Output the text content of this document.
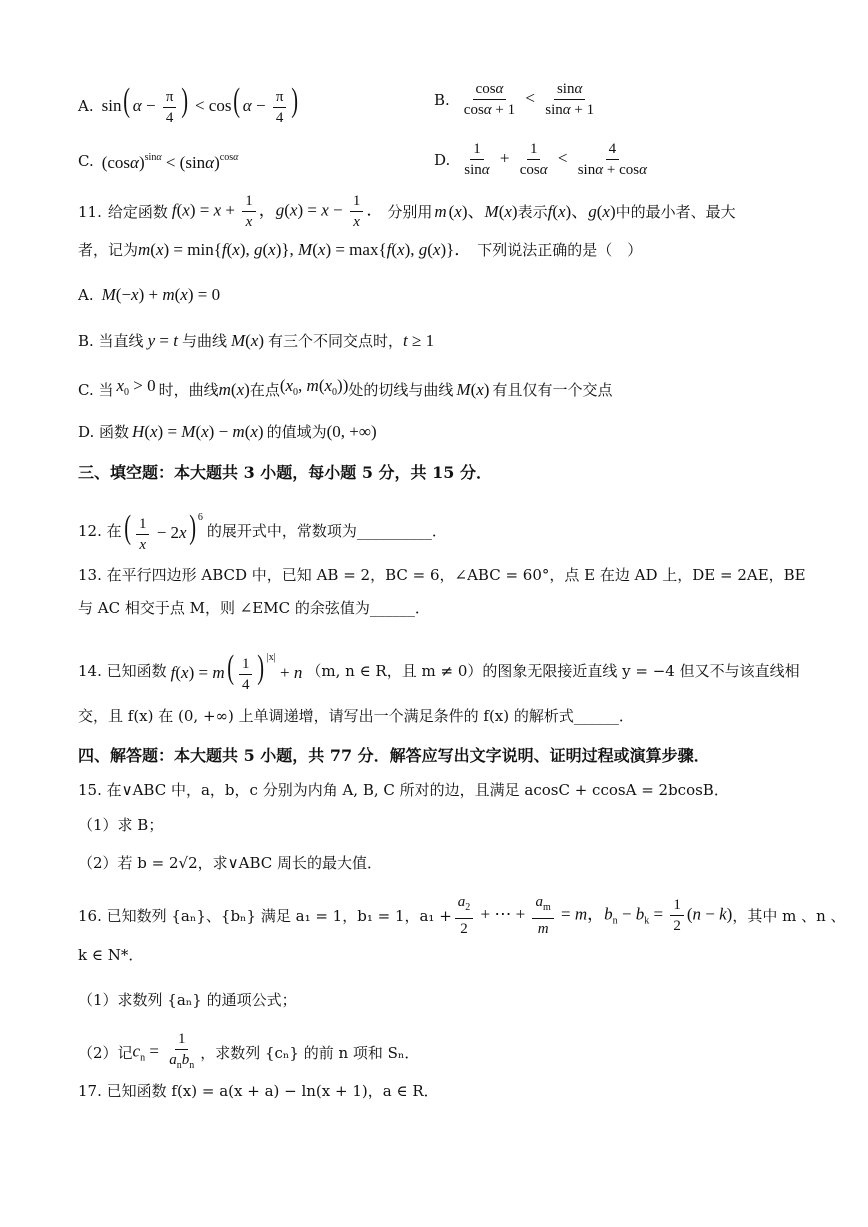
A. sin( $\alpha - \frac{\pi}{4}$ ) < cos( $\alpha - \frac{\pi}{4}$ )	B. $\frac{\cos\alpha}{\cos\alpha + 1} < \frac{\sin\alpha}{\sin\alpha + 1}$
C. $(\cos\alpha)^{sin\alpha} < (\sin\alpha)^{cos\alpha}$	D. $\frac{1}{\sin\alpha} + \frac{1}{\cos\alpha} < \frac{4}{\sin\alpha + \cos\alpha}$
11. 给定函数 $f(x) = x + \frac{1}{x}$ ，$g(x) = x - \frac{1}{x}$ ． 分别用 m (x)、 M (x) 表示 f(x)、g(x) 中的最小者、最大
者，记为 m(x) = min{f(x), g(x)}, M(x) = max{f(x), g(x)}． 下列说法正确的是（　）
A. M(−x) + m(x) = 0
B. 当直线 y = t 与曲线 M(x) 有三个不同交点时， t ≥ 1
C. 当 $x_0 > 0$ 时，曲线 m(x) 在点 ($x_0$, $m(x_0)$) 处的切线与曲线 M(x) 有且仅有一个交点
D. 函数 H(x) = M(x) − m(x) 的值域为 (0, +∞)
三、填空题：本大题共 3 小题，每小题 5 分，共 15 分．
12. 在 ( $\frac{1}{x} - 2x$) $^6$
的展开式中，常数项为__________．
13. 在平行四边形 ABCD 中，已知 AB = 2，BC = 6，∠ABC = 60°，点 E 在边 AD 上，DE = 2AE，BE
与 AC 相交于点 M，则 ∠EMC 的余弦值为______．
14. 已知函数 $f(x) = m( \frac{1}{4}$ ) $^{|x|}$ + n （m, n ∈ R，且 m ≠ 0）的图象无限接近直线 y = −4 但又不与该直线相
交，且 f(x) 在 (0, +∞) 上单调递增，请写出一个满足条件的 f(x) 的解析式______．
四、解答题：本大题共 5 小题，共 77 分．解答应写出文字说明、证明过程或演算步骤．
15. 在∨ABC 中，a，b，c 分别为内角 A, B, C 所对的边，且满足 acosC + ccosA = 2bcosB．
（1）求 B；
（2）若 b = 2√2，求∨ABC 周长的最大值．
16. 已知数列 {aₙ}、{bₙ} 满足 a₁ = 1，b₁ = 1，$a_1 + \frac{a_2}{2}$ + ⋯ + $\frac{a_m}{m} = m$，$b_n - b_k = \frac{1}{2} (n - k)$ ，其中 m 、n 、
k ∈ N*．
（1）求数列 {aₙ} 的通项公式；
（2）记 $c_n = \frac{1}{a_nb_n}$ ，求数列 {cₙ} 的前 n 项和 Sₙ．
17. 已知函数 f(x) = a(x + a) − ln(x + 1)，a ∈ R．
